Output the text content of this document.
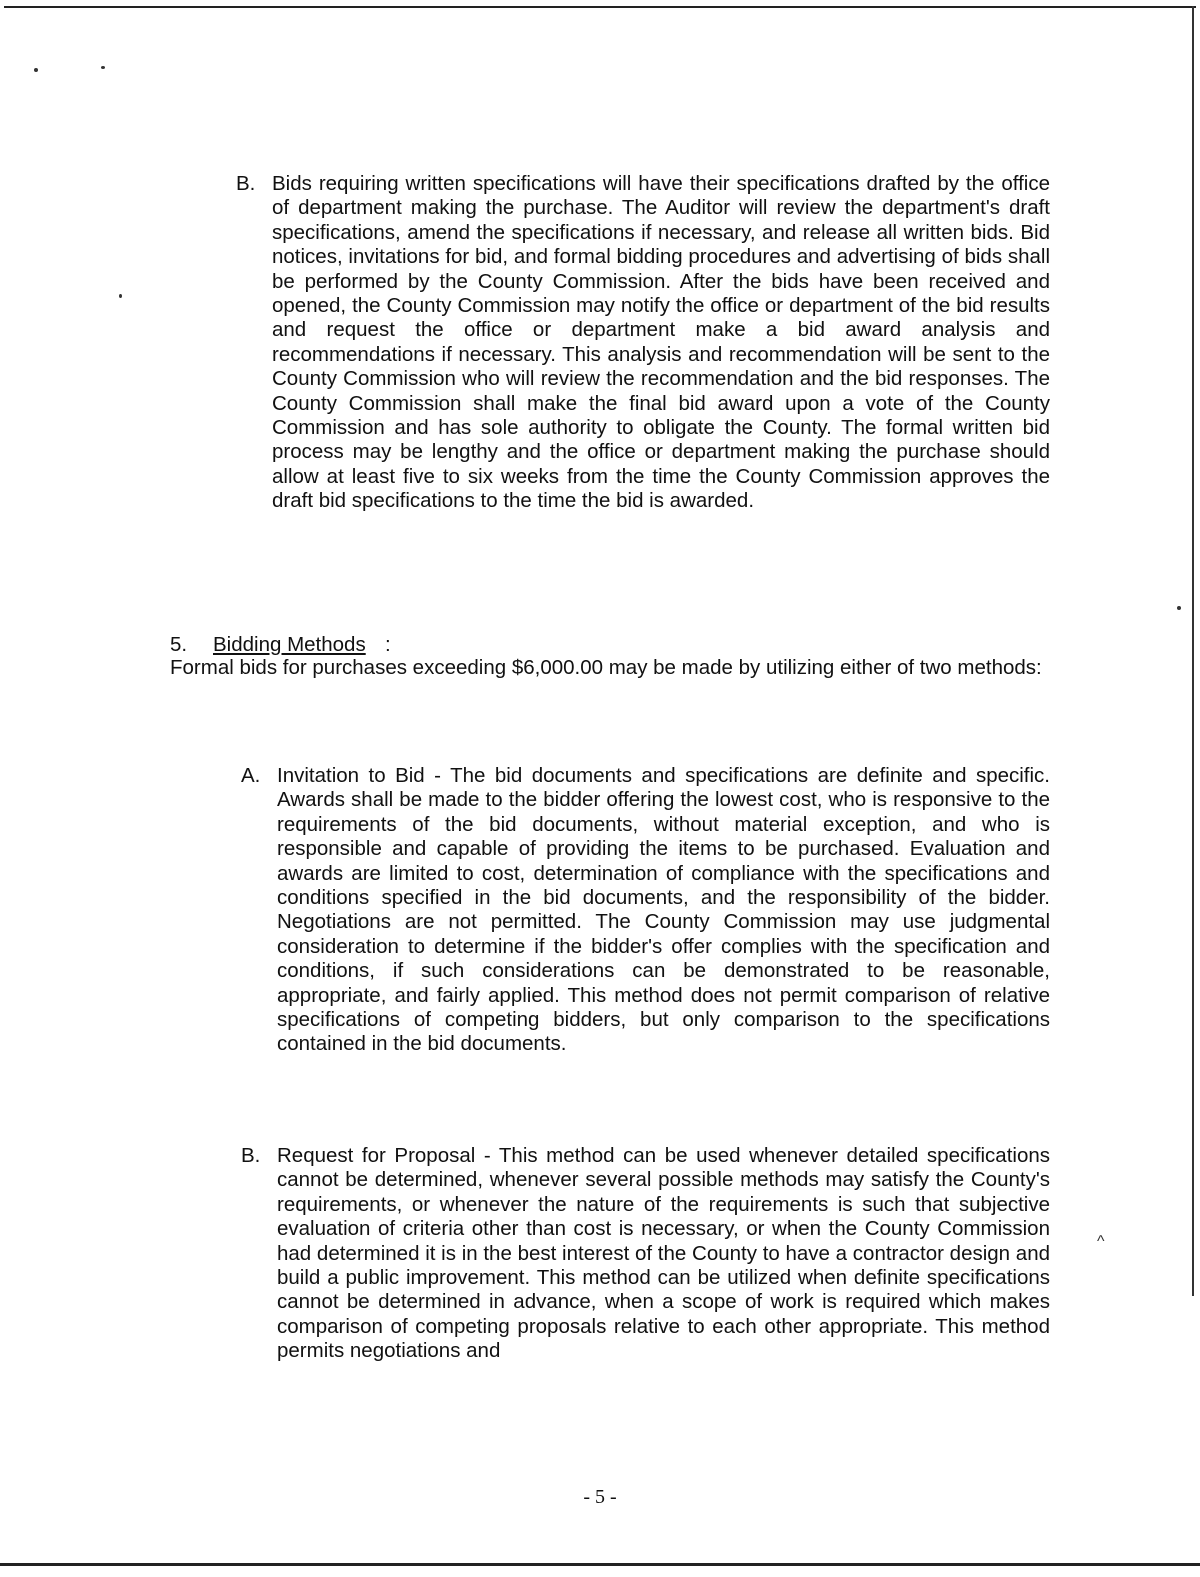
^
B. Bids requiring written specifications will have their specifications drafted by the office of department making the purchase. The Auditor will review the department's draft specifications, amend the specifications if necessary, and release all written bids. Bid notices, invitations for bid, and formal bidding procedures and advertising of bids shall be performed by the County Commission. After the bids have been received and opened, the County Commission may notify the office or department of the bid results and request the office or department make a bid award analysis and recommendations if necessary. This analysis and recommendation will be sent to the County Commission who will review the recommendation and the bid responses. The County Commission shall make the final bid award upon a vote of the County Commission and has sole authority to obligate the County. The formal written bid process may be lengthy and the office or department making the purchase should allow at least five to six weeks from the time the County Commission approves the draft bid specifications to the time the bid is awarded.
5. Bidding Methods :

Formal bids for purchases exceeding $6,000.00 may be made by utilizing either of two methods:

A. Invitation to Bid - The bid documents and specifications are definite and specific. Awards shall be made to the bidder offering the lowest cost, who is responsive to the requirements of the bid documents, without material exception, and who is responsible and capable of providing the items to be purchased. Evaluation and awards are limited to cost, determination of compliance with the specifications and conditions specified in the bid documents, and the responsibility of the bidder. Negotiations are not permitted. The County Commission may use judgmental consideration to determine if the bidder's offer complies with the specification and conditions, if such considerations can be demonstrated to be reasonable, appropriate, and fairly applied. This method does not permit comparison of relative specifications of competing bidders, but only comparison to the specifications contained in the bid documents.
B. Request for Proposal - This method can be used whenever detailed specifications cannot be determined, whenever several possible methods may satisfy the County's requirements, or whenever the nature of the requirements is such that subjective evaluation of criteria other than cost is necessary, or when the County Commission had determined it is in the best interest of the County to have a contractor design and build a public improvement. This method can be utilized when definite specifications cannot be determined in advance, when a scope of work is required which makes comparison of competing proposals relative to each other appropriate. This method permits negotiations and
- 5 -
